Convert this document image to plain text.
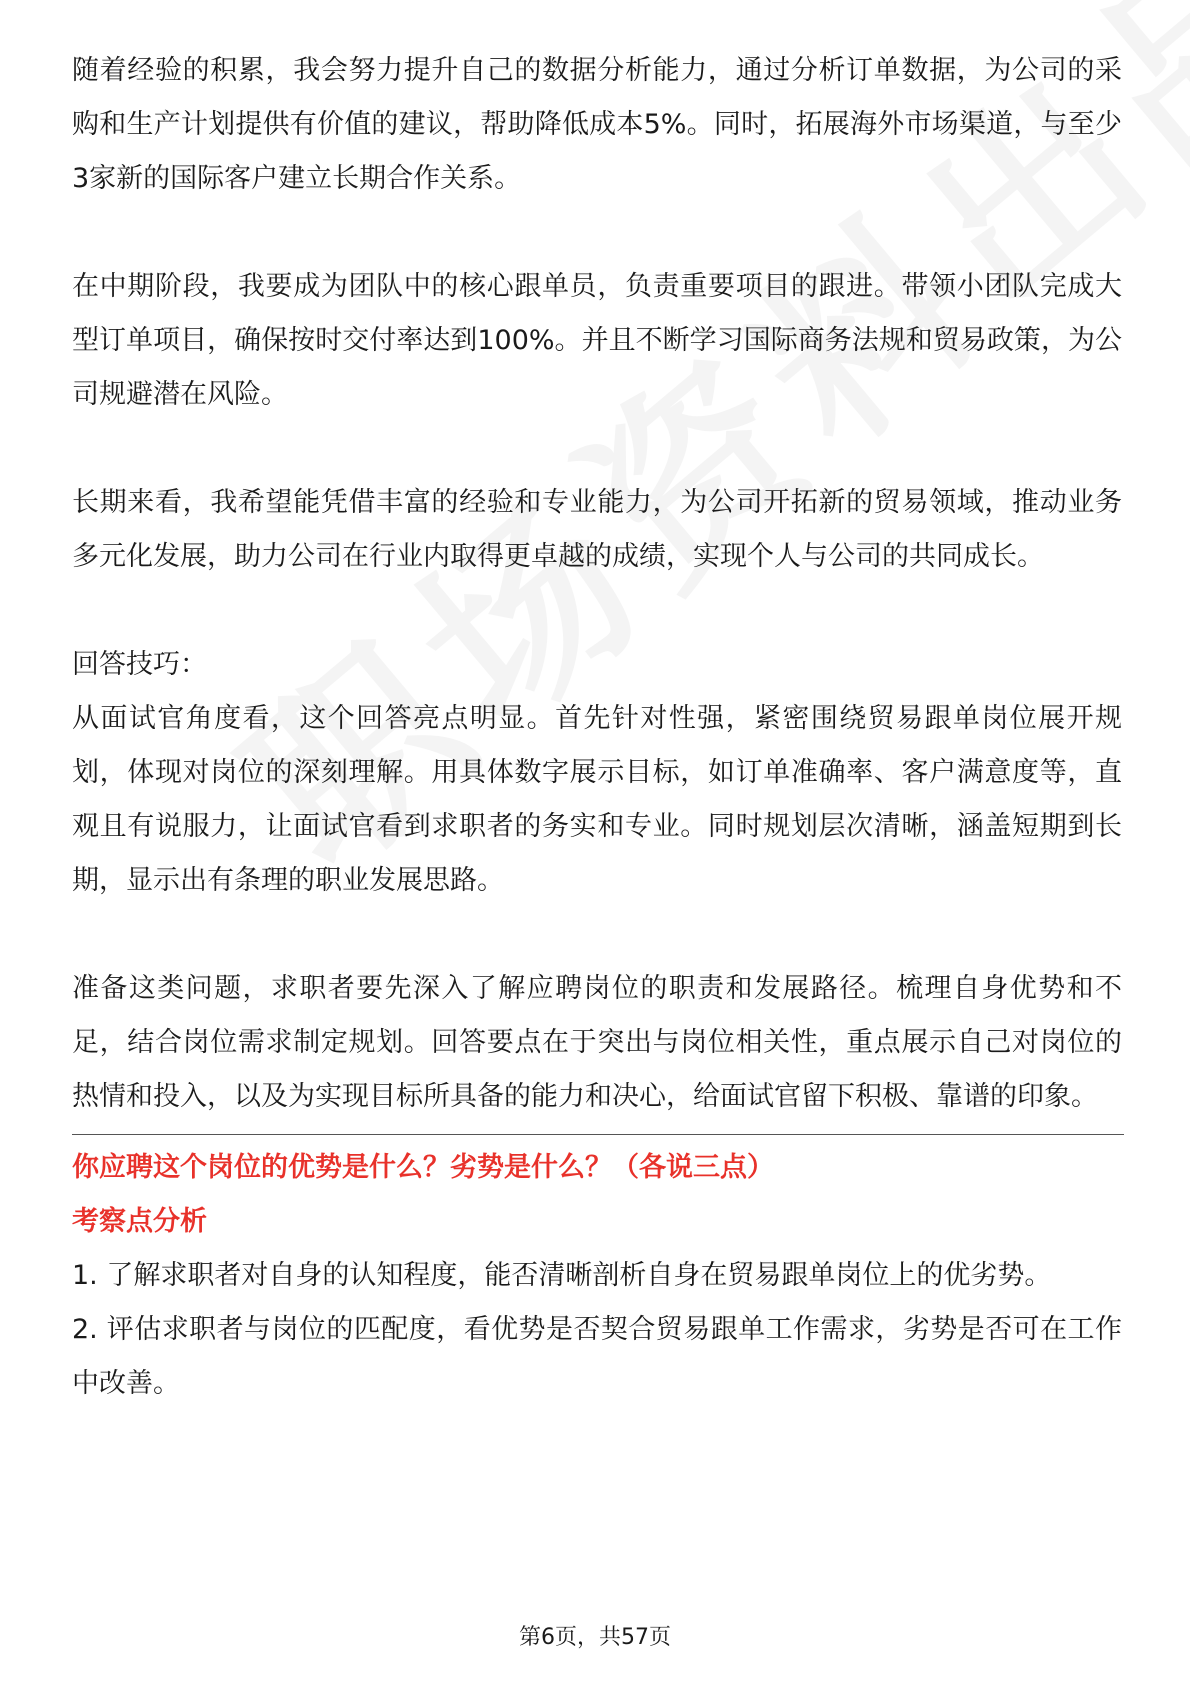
随着经验的积累，我会努力提升自己的数据分析能力，通过分析订单数据，为公司的采购和生产计划提供有价值的建议，帮助降低成本5%。同时，拓展海外市场渠道，与至少3家新的国际客户建立长期合作关系。

在中期阶段，我要成为团队中的核心跟单员，负责重要项目的跟进。带领小团队完成大型订单项目，确保按时交付率达到100%。并且不断学习国际商务法规和贸易政策，为公司规避潜在风险。

长期来看，我希望能凭借丰富的经验和专业能力，为公司开拓新的贸易领域，推动业务多元化发展，助力公司在行业内取得更卓越的成绩，实现个人与公司的共同成长。

回答技巧：

从面试官角度看，这个回答亮点明显。首先针对性强，紧密围绕贸易跟单岗位展开规划，体现对岗位的深刻理解。用具体数字展示目标，如订单准确率、客户满意度等，直观且有说服力，让面试官看到求职者的务实和专业。同时规划层次清晰，涵盖短期到长期，显示出有条理的职业发展思路。

准备这类问题，求职者要先深入了解应聘岗位的职责和发展路径。梳理自身优势和不足，结合岗位需求制定规划。回答要点在于突出与岗位相关性，重点展示自己对岗位的热情和投入，以及为实现目标所具备的能力和决心，给面试官留下积极、靠谱的印象。

你应聘这个岗位的优势是什么？劣势是什么？（各说三点）

考察点分析

1. 了解求职者对自身的认知程度，能否清晰剖析自身在贸易跟单岗位上的优劣势。

2. 评估求职者与岗位的匹配度，看优势是否契合贸易跟单工作需求，劣势是否可在工作中改善。

第6页，共57页
